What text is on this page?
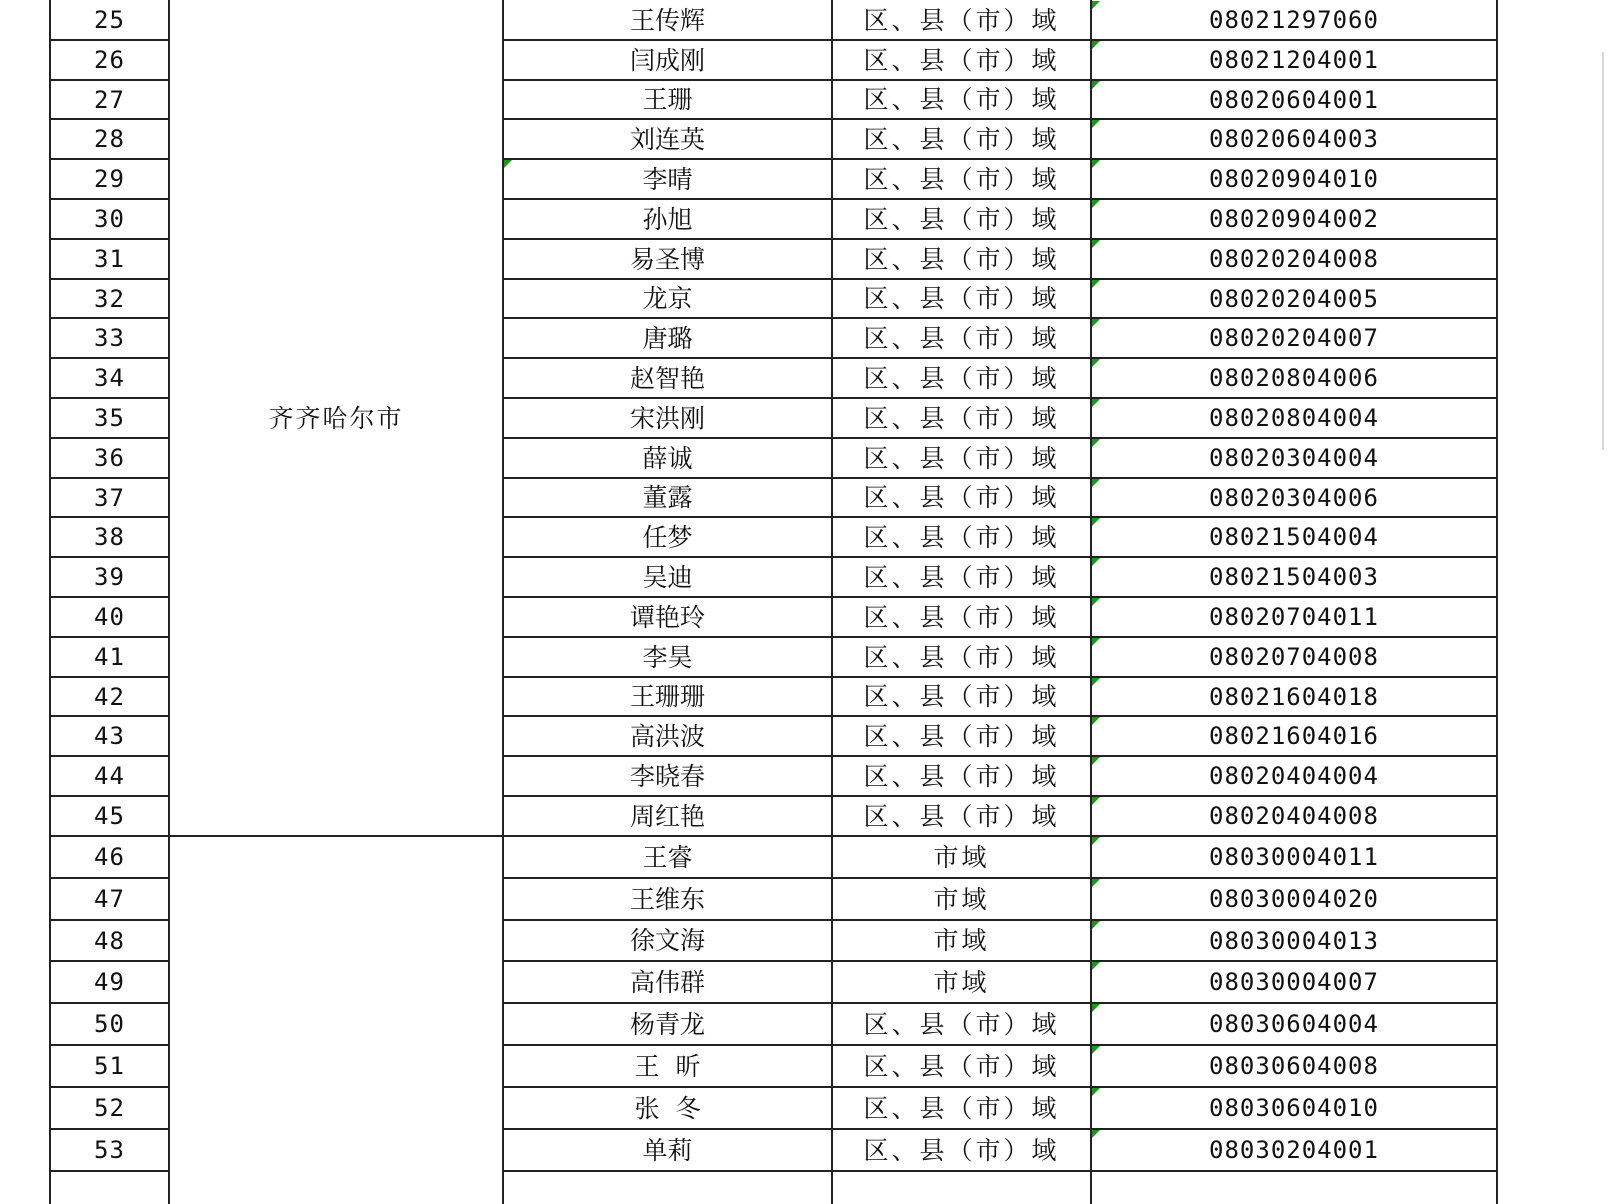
齐齐哈尔市
25	王传辉	区、县（市）域	08021297060
26	闫成刚	区、县（市）域	08021204001
27	王珊	区、县（市）域	08020604001
28	刘连英	区、县（市）域	08020604003
29	李晴	区、县（市）域	08020904010
30	孙旭	区、县（市）域	08020904002
31	易圣博	区、县（市）域	08020204008
32	龙京	区、县（市）域	08020204005
33	唐璐	区、县（市）域	08020204007
34	赵智艳	区、县（市）域	08020804006
35	宋洪刚	区、县（市）域	08020804004
36	薛诚	区、县（市）域	08020304004
37	董露	区、县（市）域	08020304006
38	任梦	区、县（市）域	08021504004
39	吴迪	区、县（市）域	08021504003
40	谭艳玲	区、县（市）域	08020704011
41	李昊	区、县（市）域	08020704008
42	王珊珊	区、县（市）域	08021604018
43	高洪波	区、县（市）域	08021604016
44	李晓春	区、县（市）域	08020404004
45	周红艳	区、县（市）域	08020404008
46	王睿	市域	08030004011
47	王维东	市域	08030004020
48	徐文海	市域	08030004013
49	高伟群	市域	08030004007
50	杨青龙	区、县（市）域	08030604004
51	王  昕	区、县（市）域	08030604008
52	张  冬	区、县（市）域	08030604010
53	单莉	区、县（市）域	08030204001
